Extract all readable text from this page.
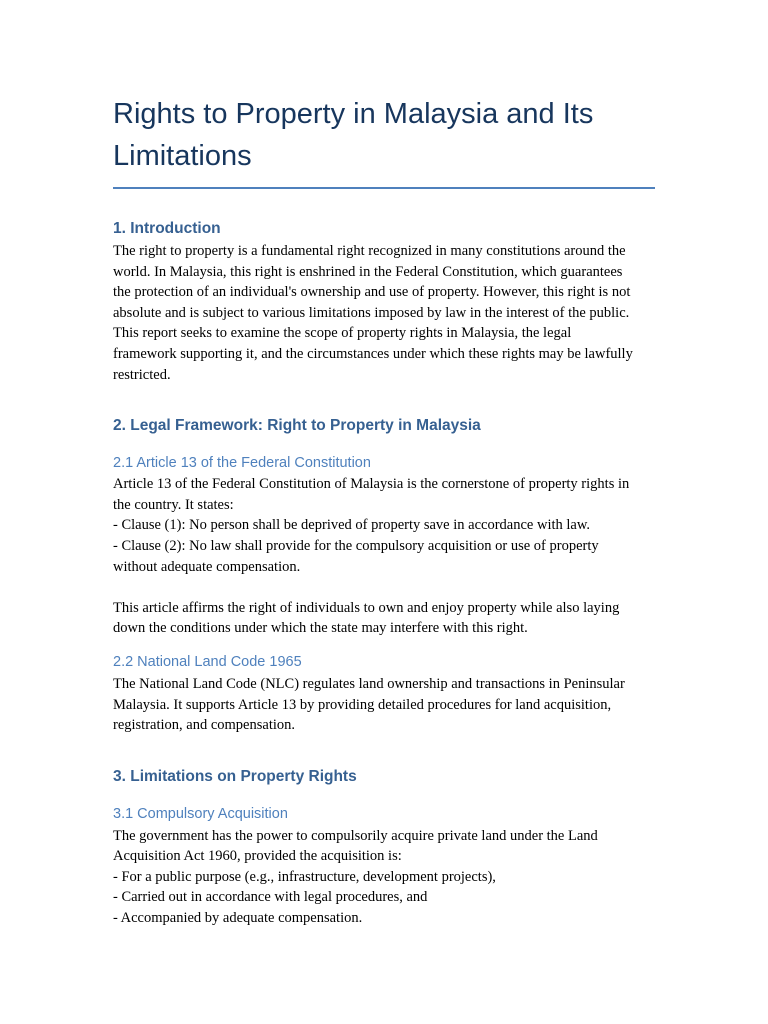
Rights to Property in Malaysia and Its Limitations
1. Introduction
The right to property is a fundamental right recognized in many constitutions around the
world. In Malaysia, this right is enshrined in the Federal Constitution, which guarantees
the protection of an individual's ownership and use of property. However, this right is not
absolute and is subject to various limitations imposed by law in the interest of the public.
This report seeks to examine the scope of property rights in Malaysia, the legal
framework supporting it, and the circumstances under which these rights may be lawfully
restricted.
2. Legal Framework: Right to Property in Malaysia
2.1 Article 13 of the Federal Constitution
Article 13 of the Federal Constitution of Malaysia is the cornerstone of property rights in
the country. It states:
- Clause (1): No person shall be deprived of property save in accordance with law.
- Clause (2): No law shall provide for the compulsory acquisition or use of property
without adequate compensation.
This article affirms the right of individuals to own and enjoy property while also laying
down the conditions under which the state may interfere with this right.
2.2 National Land Code 1965
The National Land Code (NLC) regulates land ownership and transactions in Peninsular
Malaysia. It supports Article 13 by providing detailed procedures for land acquisition,
registration, and compensation.
3. Limitations on Property Rights
3.1 Compulsory Acquisition
The government has the power to compulsorily acquire private land under the Land
Acquisition Act 1960, provided the acquisition is:
- For a public purpose (e.g., infrastructure, development projects),
- Carried out in accordance with legal procedures, and
- Accompanied by adequate compensation.
